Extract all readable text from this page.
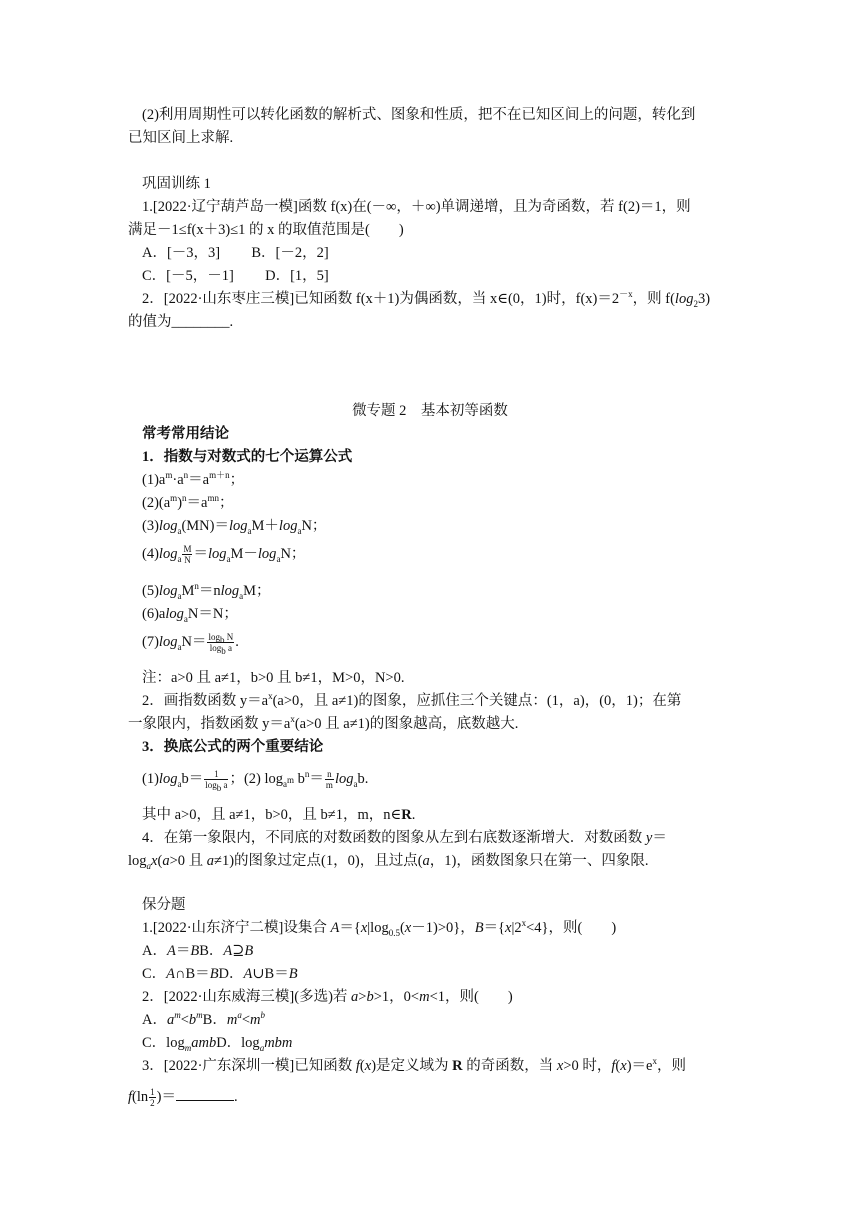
(2)利用周期性可以转化函数的解析式、图象和性质，把不在已知区间上的问题，转化到
已知区间上求解.
巩固训练 1
1.[2022·辽宁葫芦岛一模]函数 f(x)在(－∞，＋∞)单调递增，且为奇函数，若 f(2)＝1，则
满足－1≤f(x＋3)≤1 的 x 的取值范围是(　　)
A．[－3，3] B．[－2，2]
C．[－5，－1] D．[1，5]
2．[2022·山东枣庄三模]已知函数 f(x＋1)为偶函数，当 x∈(0，1)时，$f(x)=2^{-x}$，则 $f(\log_23)$
的值为________.
微专题 2　基本初等函数
常考常用结论
1．指数与对数式的七个运算公式
$(1)a^m\cdot a^n=a^{m+n}$；
$(2)(a^m)^n=a^{mn}$；
$(3)\log_a(MN)=\log_aM+\log_aN$；
$(4)\log_a \frac{M}{N} =\log_aM-\log_aN$；
$(5)\log_aM^n=nlog_aM$；
(6)alog$_a$N＝N；
$(7)\log_aN= \frac{\log_b N}{\log_b a}$ .
注：a>0 且 a≠1，b>0 且 b≠1，M>0，N>0.
2．画指数函数 $y=a^x(a>0$，且 a≠1)的图象，应抓住三个关键点：(1，a)，(0，1)；在第
一象限内，指数函数 $y=a^x(a>0$ 且 a≠1)的图象越高，底数越大.
3．换底公式的两个重要结论
$(1)\log_ab= \frac{1}{\log_b a}$ ；(2) $\log_{a^m} b^n= \frac{n}{m} \log_ab$.
其中 a>0，且 a≠1，b>0，且 b≠1，m，n∈R.
4．在第一象限内，不同底的对数函数的图象从左到右底数逐渐增大．对数函数 y＝
$\log_ax(a>0$ 且 a≠1)的图象过定点(1，0)，且过点(a，1)，函数图象只在第一、四象限.
保分题
1.[2022·山东济宁二模]设集合 $A=\{x|\log_{0.5}(x-1)>0\}$，$B=\{x|2^x<4\}$，则(　　)
A．A＝BB．A⊇B
C．A∩B＝BD．A∪B＝B
2．[2022·山东威海三模](多选)若 a>b>1，0<m<1，则(　　)
A．$a^m<b^mB$．$m^a<m^b$
C．$\log_mambD$．$\log_ambm$
3．[2022·广东深圳一模]已知函数 f(x)是定义域为 R 的奇函数，当 x>0 时，$f(x)=e^x$，则
$f(\ln \frac{1}{2}$ )＝	.
